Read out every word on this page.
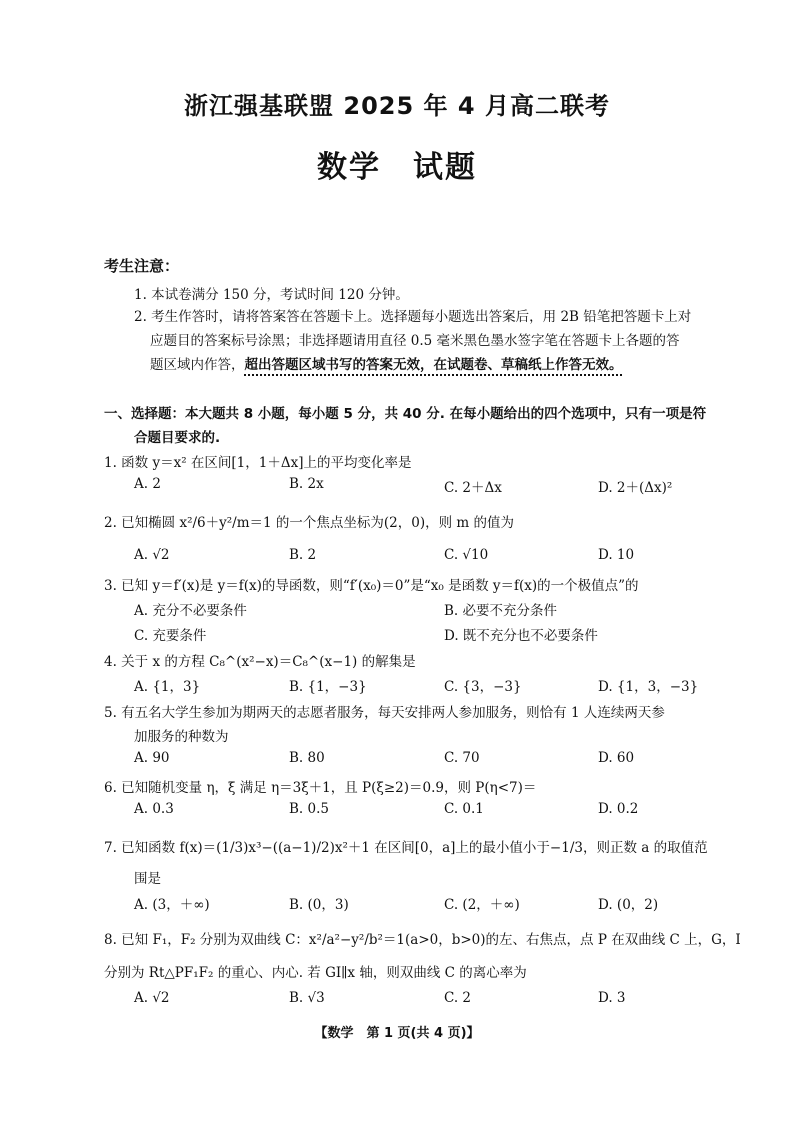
浙江强基联盟 2025 年 4 月高二联考
数学　试题
考生注意：
1. 本试卷满分 150 分，考试时间 120 分钟。
2. 考生作答时，请将答案答在答题卡上。选择题每小题选出答案后，用 2B 铅笔把答题卡上对
应题目的答案标号涂黑；非选择题请用直径 0.5 毫米黑色墨水签字笔在答题卡上各题的答
题区域内作答，超出答题区域书写的答案无效，在试题卷、草稿纸上作答无效。
一、选择题：本大题共 8 小题，每小题 5 分，共 40 分. 在每小题给出的四个选项中，只有一项是符
合题目要求的.
1. 函数 y＝x² 在区间[1，1＋Δx]上的平均变化率是
A. 2	B. 2x	C. 2＋Δx	D. 2＋(Δx)²
2. 已知椭圆 x²/6＋y²/m＝1 的一个焦点坐标为(2，0)，则 m 的值为
A. √2	B. 2	C. √10	D. 10
3. 已知 y＝f′(x)是 y＝f(x)的导函数，则“f′(x₀)＝0”是“x₀ 是函数 y＝f(x)的一个极值点”的
A. 充分不必要条件	B. 必要不充分条件
C. 充要条件	D. 既不充分也不必要条件
4. 关于 x 的方程 C₈^(x²−x)＝C₈^(x−1) 的解集是
A. {1，3}	B. {1，−3}	C. {3，−3}	D. {1，3，−3}
5. 有五名大学生参加为期两天的志愿者服务，每天安排两人参加服务，则恰有 1 人连续两天参
加服务的种数为
A. 90	B. 80	C. 70	D. 60
6. 已知随机变量 η，ξ 满足 η＝3ξ＋1，且 P(ξ≥2)＝0.9，则 P(η<7)＝
A. 0.3	B. 0.5	C. 0.1	D. 0.2
7. 已知函数 f(x)＝(1/3)x³−((a−1)/2)x²＋1 在区间[0，a]上的最小值小于−1/3，则正数 a 的取值范
围是
A. (3，＋∞)	B. (0，3)	C. (2，＋∞)	D. (0，2)
8. 已知 F₁，F₂ 分别为双曲线 C：x²/a²−y²/b²＝1(a>0，b>0)的左、右焦点，点 P 在双曲线 C 上，G，I
分别为 Rt△PF₁F₂ 的重心、内心. 若 GI∥x 轴，则双曲线 C 的离心率为
A. √2	B. √3	C. 2	D. 3
【数学　第 1 页(共 4 页)】
